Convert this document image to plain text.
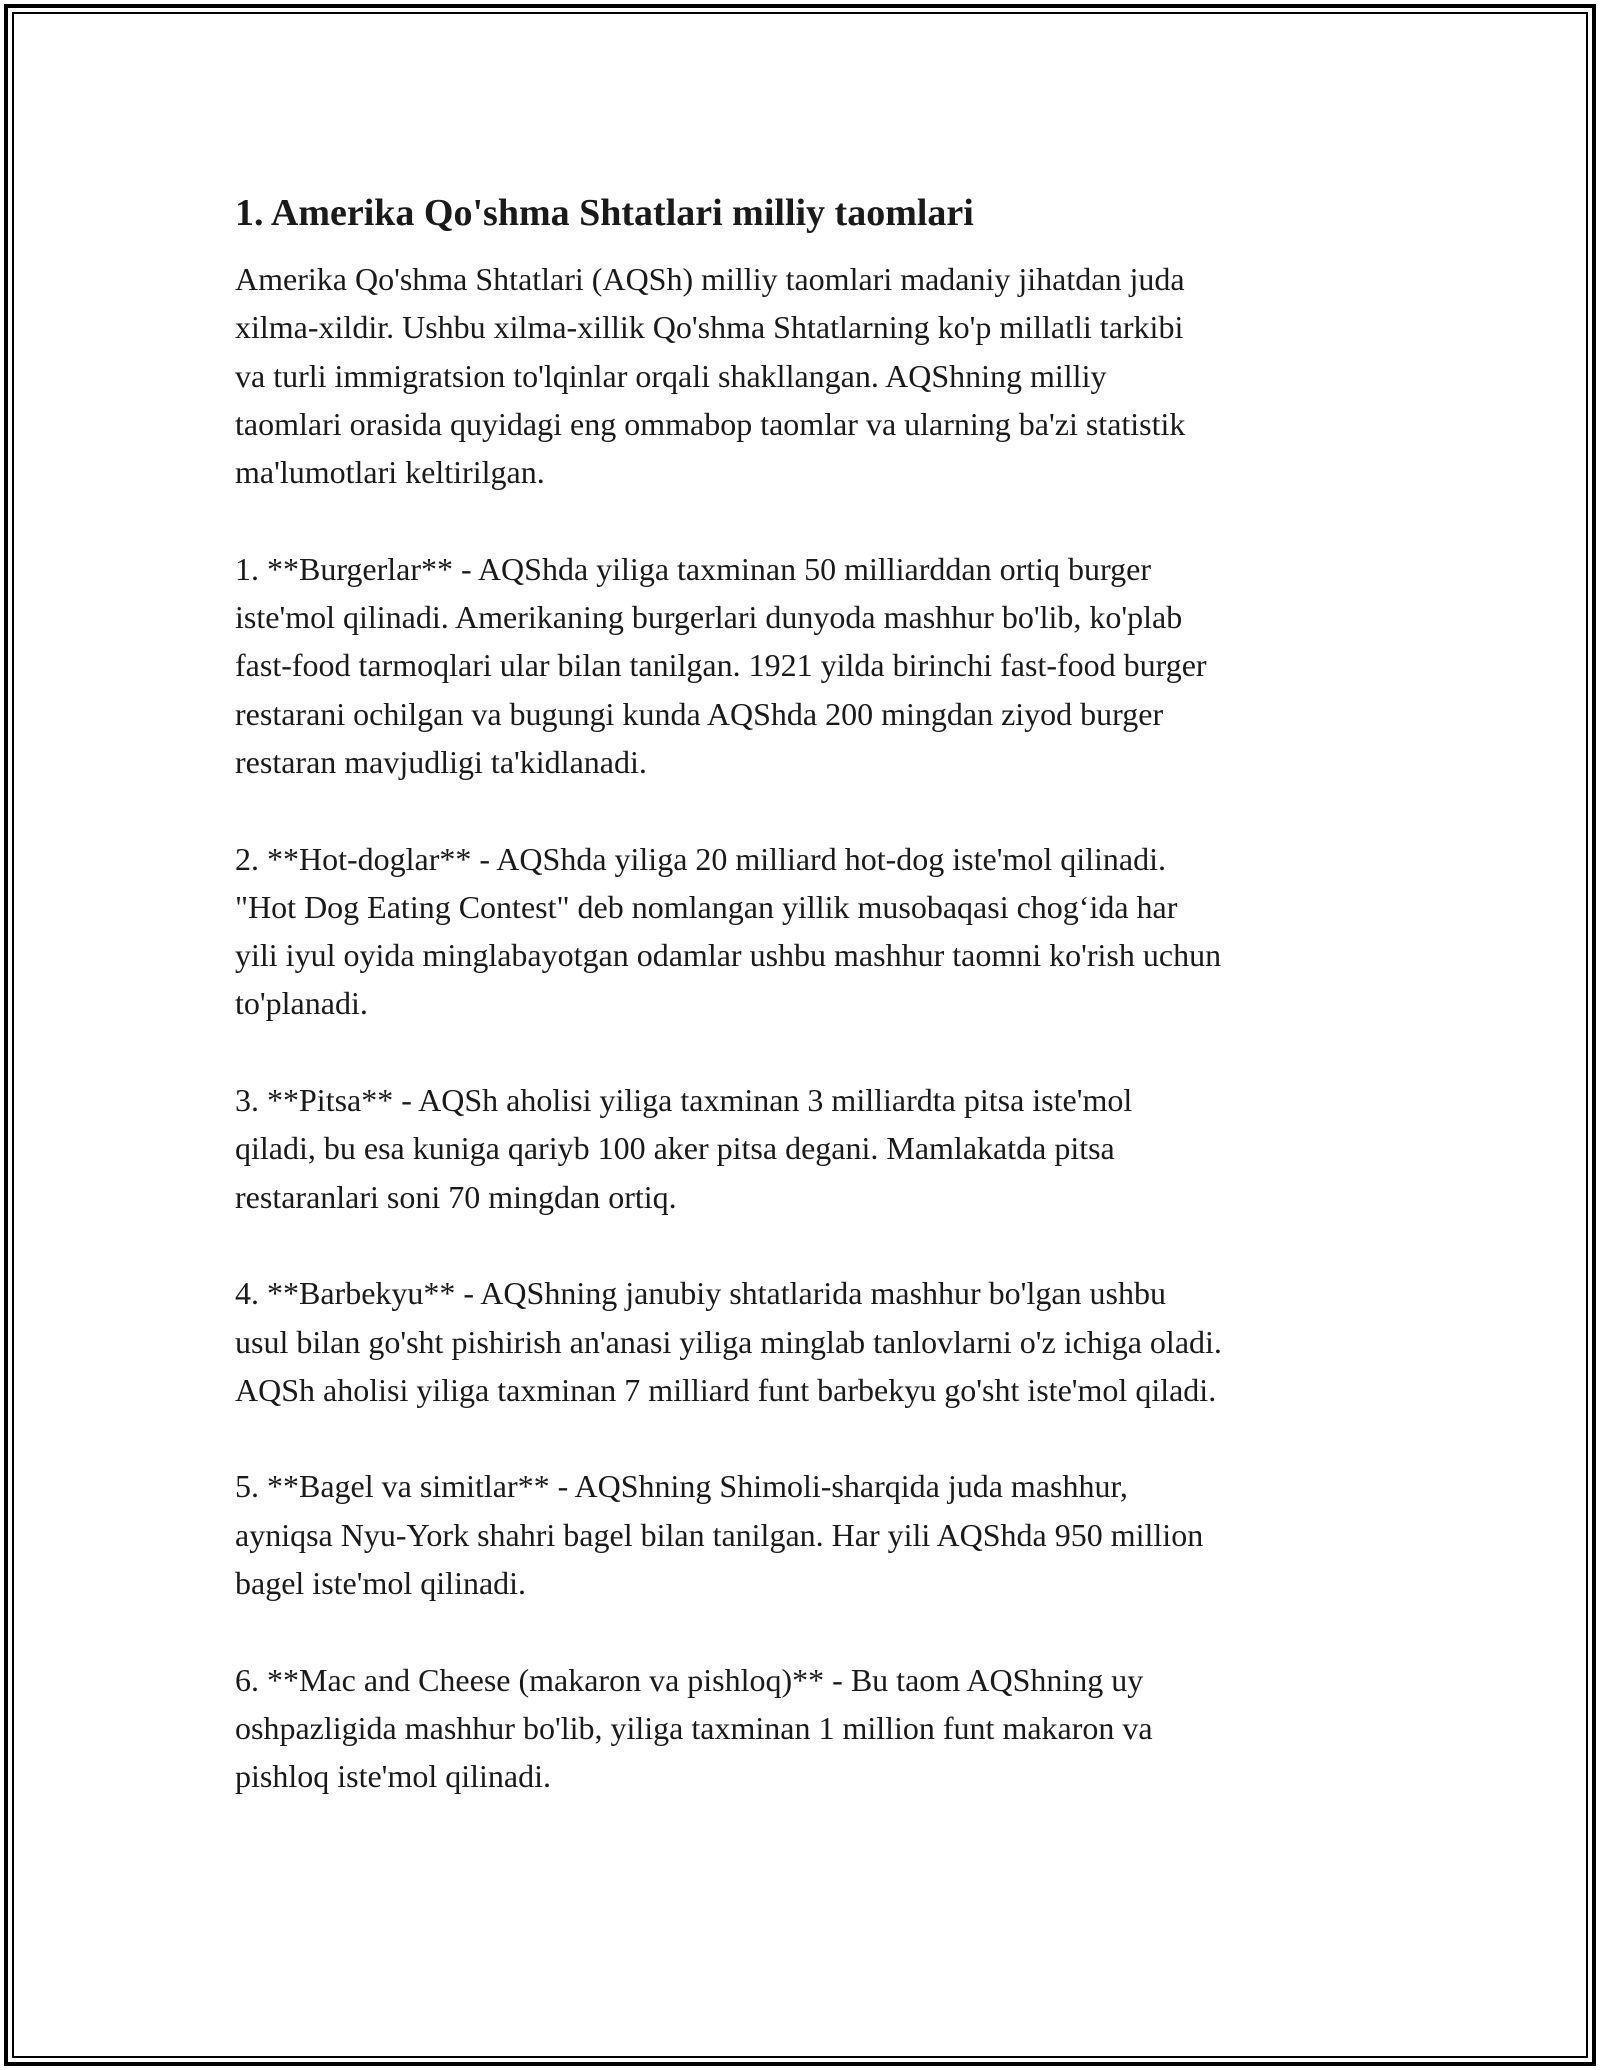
1. Amerika Qo'shma Shtatlari milliy taomlari

Amerika Qo'shma Shtatlari (AQSh) milliy taomlari madaniy jihatdan juda
xilma-xildir. Ushbu xilma-xillik Qo'shma Shtatlarning ko'p millatli tarkibi
va turli immigratsion to'lqinlar orqali shakllangan. AQShning milliy
taomlari orasida quyidagi eng ommabop taomlar va ularning ba'zi statistik
ma'lumotlari keltirilgan.

1. **Burgerlar** - AQShda yiliga taxminan 50 milliarddan ortiq burger
iste'mol qilinadi. Amerikaning burgerlari dunyoda mashhur bo'lib, ko'plab
fast-food tarmoqlari ular bilan tanilgan. 1921 yilda birinchi fast-food burger
restarani ochilgan va bugungi kunda AQShda 200 mingdan ziyod burger
restaran mavjudligi ta'kidlanadi.

2. **Hot-doglar** - AQShda yiliga 20 milliard hot-dog iste'mol qilinadi.
"Hot Dog Eating Contest" deb nomlangan yillik musobaqasi chog‘ida har
yili iyul oyida minglabayotgan odamlar ushbu mashhur taomni ko'rish uchun
to'planadi.

3. **Pitsa** - AQSh aholisi yiliga taxminan 3 milliardta pitsa iste'mol
qiladi, bu esa kuniga qariyb 100 aker pitsa degani. Mamlakatda pitsa
restaranlari soni 70 mingdan ortiq.

4. **Barbekyu** - AQShning janubiy shtatlarida mashhur bo'lgan ushbu
usul bilan go'sht pishirish an'anasi yiliga minglab tanlovlarni o'z ichiga oladi.
AQSh aholisi yiliga taxminan 7 milliard funt barbekyu go'sht iste'mol qiladi.

5. **Bagel va simitlar** - AQShning Shimoli-sharqida juda mashhur,
ayniqsa Nyu-York shahri bagel bilan tanilgan. Har yili AQShda 950 million
bagel iste'mol qilinadi.

6. **Mac and Cheese (makaron va pishloq)** - Bu taom AQShning uy
oshpazligida mashhur bo'lib, yiliga taxminan 1 million funt makaron va
pishloq iste'mol qilinadi.
